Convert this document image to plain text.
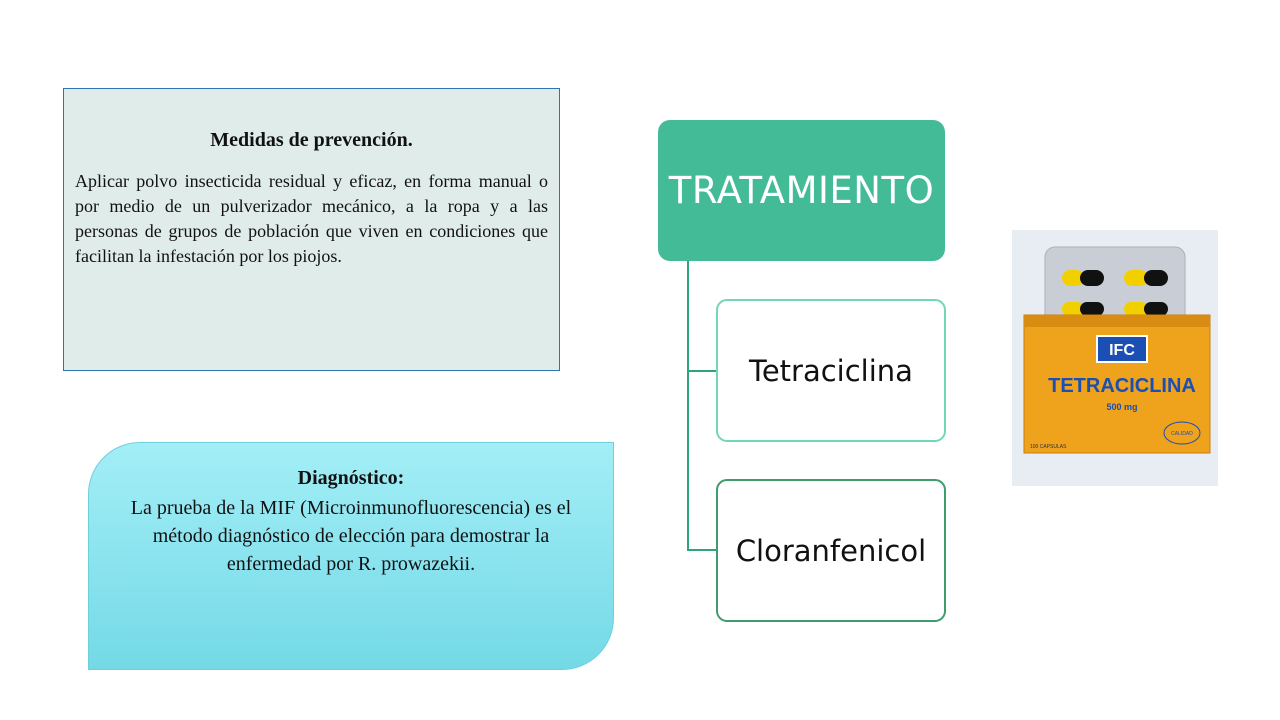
Medidas de prevención.

Aplicar polvo insecticida residual y eficaz, en forma manual o por medio de un pulverizador mecánico, a la ropa y a las personas de grupos de población que viven en condiciones que facilitan la infestación por los piojos.

Diagnóstico:
La prueba de la MIF (Microinmunofluorescencia) es el método diagnóstico de elección para demostrar la enfermedad por R. prowazekii.
TRATAMIENTO
Tetraciclina
Cloranfenicol
IFC
TETRACICLINA
500 mg
100 CAPSULAS
CALIDAD
